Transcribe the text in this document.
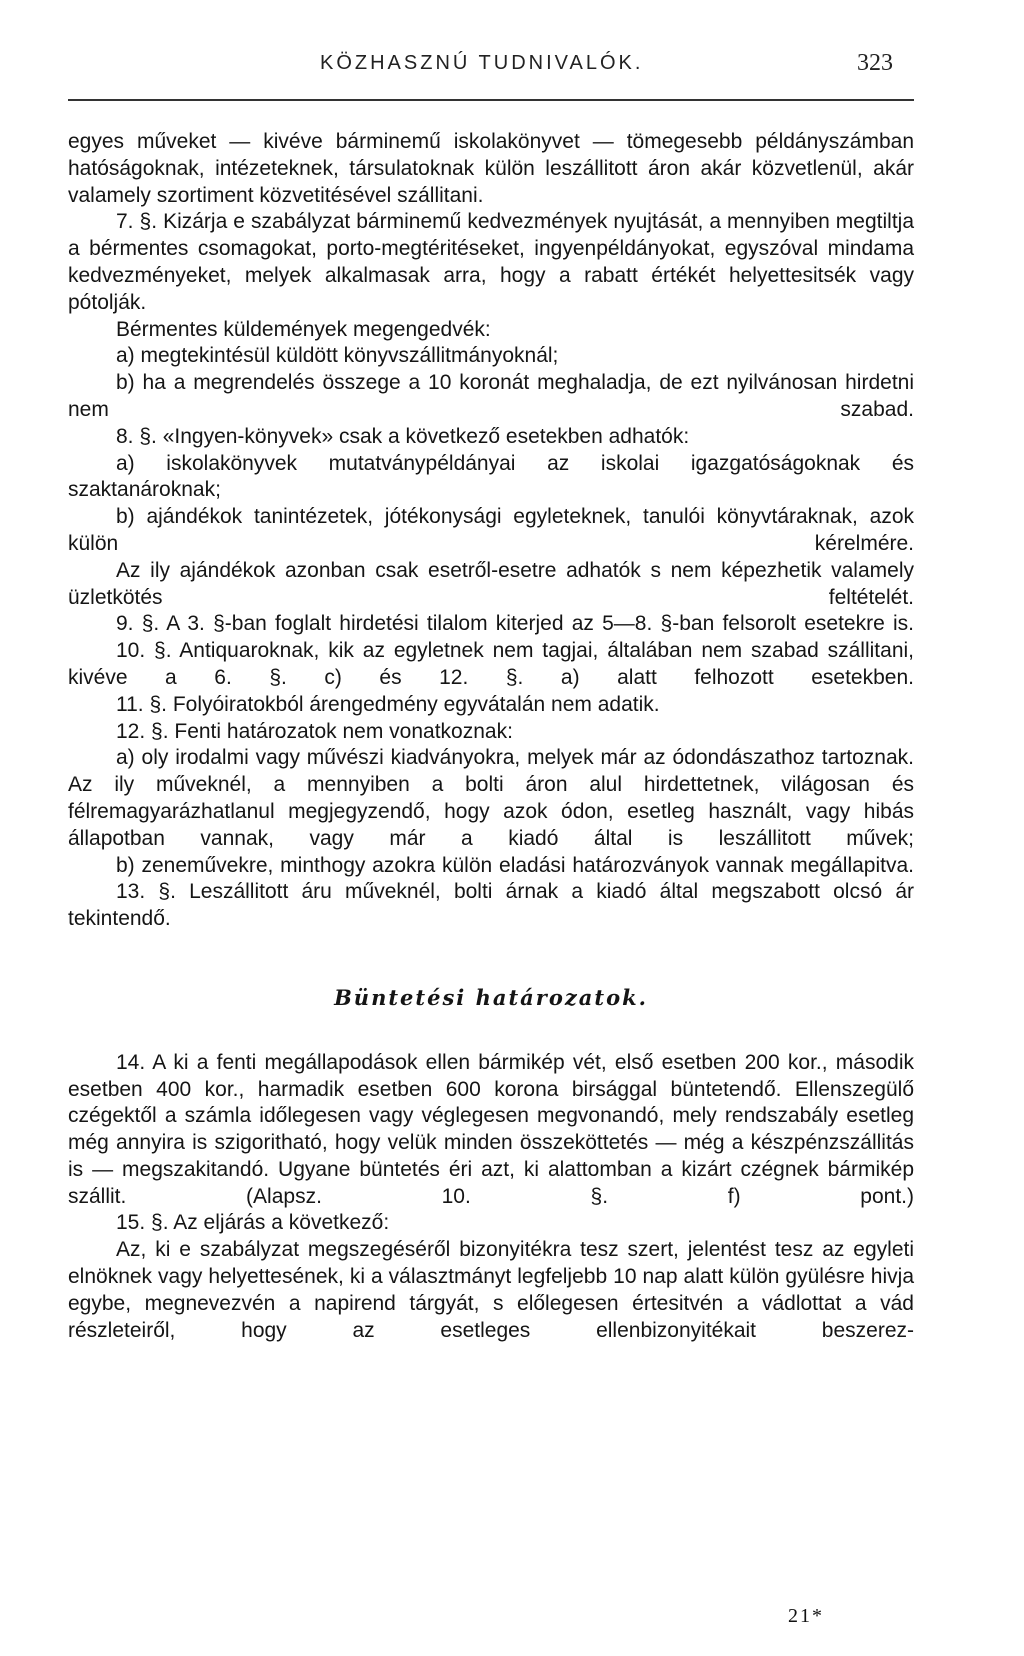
KÖZHASZNÚ TUDNIVALÓK.	323

egyes műveket — kivéve bárminemű iskolakönyvet — tömegesebb példányszámban hatóságoknak, intézeteknek, társulatoknak külön leszállitott áron akár közvetlenül, akár valamely szortiment közvetitésével szállitani.

7. §. Kizárja e szabályzat bárminemű kedvezmények nyujtását, a mennyiben megtiltja a bérmentes csomagokat, porto-megtéritéseket, ingyenpéldányokat, egyszóval mindama kedvezményeket, melyek alkalmasak arra, hogy a rabatt értékét helyettesitsék vagy pótolják.

Bérmentes küldemények megengedvék:

a) megtekintésül küldött könyvszállitmányoknál;

b) ha a megrendelés összege a 10 koronát meghaladja, de ezt nyilvánosan hirdetni nem szabad.

8. §. «Ingyen-könyvek» csak a következő esetekben adhatók:

a) iskolakönyvek mutatványpéldányai az iskolai igazgatóságoknak és szaktanároknak;

b) ajándékok tanintézetek, jótékonysági egyleteknek, tanulói könyvtáraknak, azok külön kérelmére.

Az ily ajándékok azonban csak esetről-esetre adhatók s nem képezhetik valamely üzletkötés feltételét.

9. §. A 3. §-ban foglalt hirdetési tilalom kiterjed az 5—8. §-ban felsorolt esetekre is.

10. §. Antiquaroknak, kik az egyletnek nem tagjai, általában nem szabad szállitani, kivéve a 6. §. c) és 12. §. a) alatt felhozott esetekben.

11. §. Folyóiratokból árengedmény egyvátalán nem adatik.

12. §. Fenti határozatok nem vonatkoznak:

a) oly irodalmi vagy művészi kiadványokra, melyek már az ódondászathoz tartoznak. Az ily műveknél, a mennyiben a bolti áron alul hirdettetnek, világosan és félremagyarázhatlanul megjegyzendő, hogy azok ódon, esetleg használt, vagy hibás állapotban vannak, vagy már a kiadó által is leszállitott művek;

b) zeneművekre, minthogy azokra külön eladási határozványok vannak megállapitva.

13. §. Leszállitott áru műveknél, bolti árnak a kiadó által megszabott olcsó ár tekintendő.

Büntetési határozatok.

14. A ki a fenti megállapodások ellen bármikép vét, első esetben 200 kor., második esetben 400 kor., harmadik esetben 600 korona birsággal büntetendő. Ellenszegülő czégektől a számla időlegesen vagy véglegesen megvonandó, mely rendszabály esetleg még annyira is szigoritható, hogy velük minden összeköttetés — még a készpénzszállitás is — megszakitandó. Ugyane büntetés éri azt, ki alattomban a kizárt czégnek bármikép szállit. (Alapsz. 10. §. f) pont.)

15. §. Az eljárás a következő:

Az, ki e szabályzat megszegéséről bizonyitékra tesz szert, jelentést tesz az egyleti elnöknek vagy helyettesének, ki a választmányt legfeljebb 10 nap alatt külön gyülésre hivja egybe, megnevezvén a napirend tárgyát, s előlegesen értesitvén a vádlottat a vád részleteiről, hogy az esetleges ellenbizonyitékait beszerez-

21*
